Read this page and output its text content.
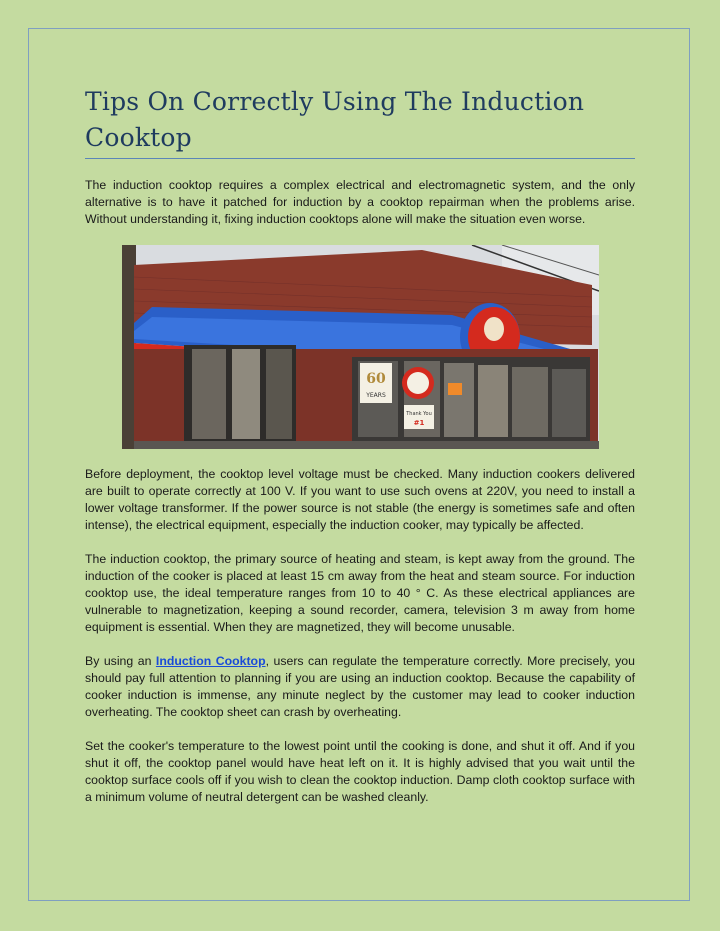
Tips On Correctly Using The Induction Cooktop

The induction cooktop requires a complex electrical and electromagnetic system, and the only alternative is to have it patched for induction by a cooktop repairman when the problems arise. Without understanding it, fixing induction cooktops alone will make the situation even worse.

60
YEARS
Thank You
#1

Before deployment, the cooktop level voltage must be checked. Many induction cookers delivered are built to operate correctly at 100 V. If you want to use such ovens at 220V, you need to install a lower voltage transformer. If the power source is not stable (the energy is sometimes safe and often intense), the electrical equipment, especially the induction cooker, may typically be affected.

The induction cooktop, the primary source of heating and steam, is kept away from the ground. The induction of the cooker is placed at least 15 cm away from the heat and steam source. For induction cooktop use, the ideal temperature ranges from 10 to 40 ° C. As these electrical appliances are vulnerable to magnetization, keeping a sound recorder, camera, television 3 m away from home equipment is essential. When they are magnetized, they will become unusable.

By using an Induction Cooktop, users can regulate the temperature correctly. More precisely, you should pay full attention to planning if you are using an induction cooktop. Because the capability of cooker induction is immense, any minute neglect by the customer may lead to cooker induction overheating. The cooktop sheet can crash by overheating.

Set the cooker's temperature to the lowest point until the cooking is done, and shut it off. And if you shut it off, the cooktop panel would have heat left on it. It is highly advised that you wait until the cooktop surface cools off if you wish to clean the cooktop induction. Damp cloth cooktop surface with a minimum volume of neutral detergent can be washed cleanly.
